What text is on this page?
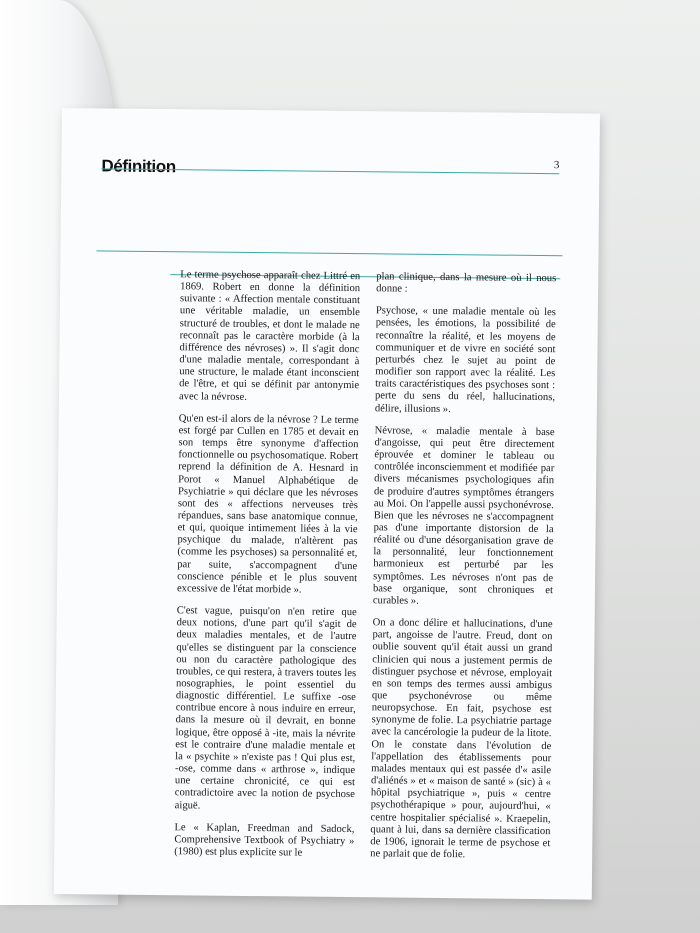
Définition	3

Le terme psychose apparaît chez Littré en 1869. Robert en donne la définition suivante : « Affection mentale constituant une véritable maladie, un ensemble structuré de troubles, et dont le malade ne reconnaît pas le caractère morbide (à la différence des névroses) ». Il s'agit donc d'une maladie mentale, correspondant à une structure, le malade étant inconscient de l'être, et qui se définit par antonymie avec la névrose.

Qu'en est-il alors de la névrose ? Le terme est forgé par Cullen en 1785 et devait en son temps être synonyme d'affection fonctionnelle ou psychosomatique. Robert reprend la définition de A. Hesnard in Porot « Manuel Alphabétique de Psychiatrie » qui déclare que les névroses sont des « affections nerveuses très répandues, sans base anatomique connue, et qui, quoique intimement liées à la vie psychique du malade, n'altèrent pas (comme les psychoses) sa personnalité et, par suite, s'accompagnent d'une conscience pénible et le plus souvent excessive de l'état morbide ».

C'est vague, puisqu'on n'en retire que deux notions, d'une part qu'il s'agit de deux maladies mentales, et de l'autre qu'elles se distinguent par la conscience ou non du caractère pathologique des troubles, ce qui restera, à travers toutes les nosographies, le point essentiel du diagnostic différentiel. Le suffixe -ose contribue encore à nous induire en erreur, dans la mesure où il devrait, en bonne logique, être opposé à -ite, mais la névrite est le contraire d'une maladie mentale et la « psychite » n'existe pas ! Qui plus est, -ose, comme dans « arthrose », indique une certaine chronicité, ce qui est contradictoire avec la notion de psychose aiguë.

Le « Kaplan, Freedman and Sadock, Comprehensive Textbook of Psychiatry » (1980) est plus explicite sur le

plan clinique, dans la mesure où il nous donne :

Psychose, « une maladie mentale où les pensées, les émotions, la possibilité de reconnaître la réalité, et les moyens de communiquer et de vivre en société sont perturbés chez le sujet au point de modifier son rapport avec la réalité. Les traits caractéristiques des psychoses sont : perte du sens du réel, hallucinations, délire, illusions ».

Névrose, « maladie mentale à base d'angoisse, qui peut être directement éprouvée et dominer le tableau ou contrôlée inconsciemment et modifiée par divers mécanismes psychologiques afin de produire d'autres symptômes étrangers au Moi. On l'appelle aussi psychonévrose. Bien que les névroses ne s'accompagnent pas d'une importante distorsion de la réalité ou d'une désorganisation grave de la personnalité, leur fonctionnement harmonieux est perturbé par les symptômes. Les névroses n'ont pas de base organique, sont chroniques et curables ».

On a donc délire et hallucinations, d'une part, angoisse de l'autre. Freud, dont on oublie souvent qu'il était aussi un grand clinicien qui nous a justement permis de distinguer psychose et névrose, employait en son temps des termes aussi ambigus que psychonévrose ou même neuropsychose. En fait, psychose est synonyme de folie. La psychiatrie partage avec la cancérologie la pudeur de la litote. On le constate dans l'évolution de l'appellation des établissements pour malades mentaux qui est passée d'« asile d'aliénés » et « maison de santé » (sic) à « hôpital psychiatrique », puis « centre psychothérapique » pour, aujourd'hui, « centre hospitalier spécialisé ». Kraepelin, quant à lui, dans sa dernière classification de 1906, ignorait le terme de psychose et ne parlait que de folie.
